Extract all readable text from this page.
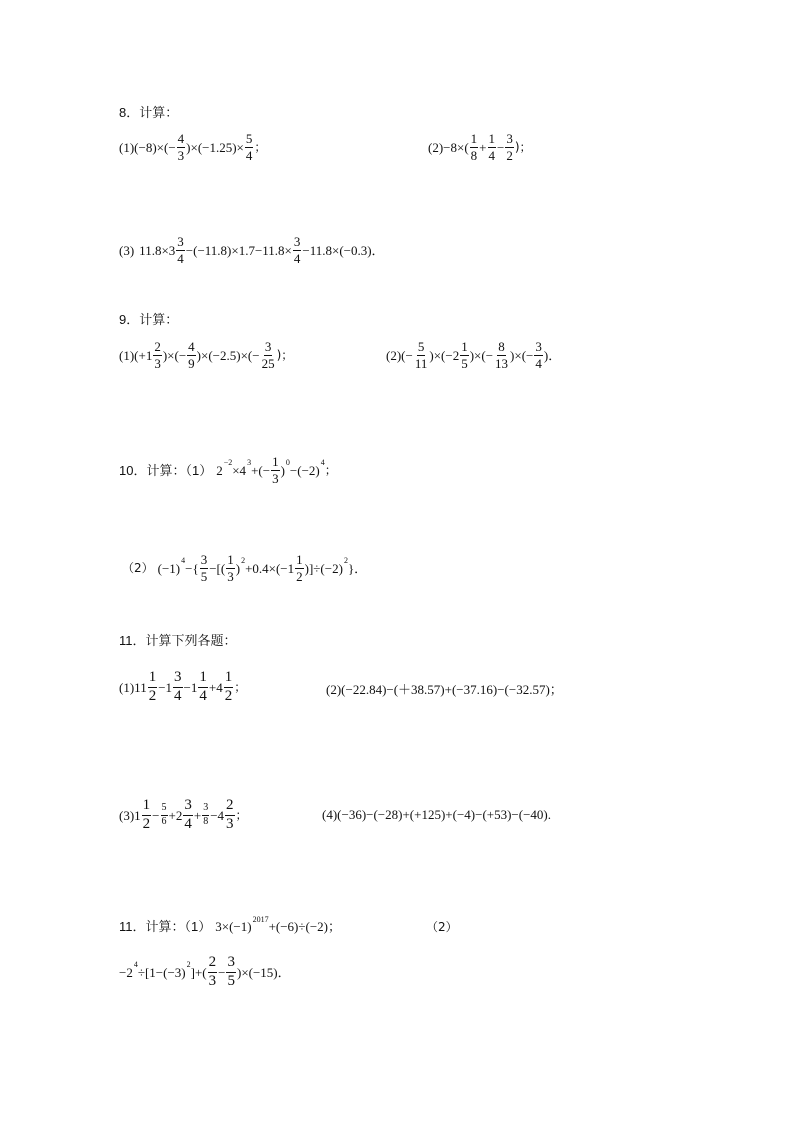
8．计算：
(1) $(-8)\times(- \frac{4}{3} )\times(-1.25)\times \frac{5}{4}$ ；	(2) −8×(
1
8
+ $\frac{1}{4} - \frac{3}{2}$ )；
(3) 11.8×3
3
4
$-(-11.8)\times 1.7-11.8\times \frac{3}{4} -11.8\times(-0.3)$．
9．计算：
(1) (+1
2
3
)×(− $\frac{4}{9} )\times(-2.5)\times(- \frac{3}{25}$ )；	(2) (− $\frac{5}{11} )\times(-2$
1
5
)×(− $\frac{8}{13}$ )×(− $\frac{3}{4}$ )．
10．计算：（1） $2^{-2} \times 4^3$ +(− $\frac{1}{3} )^0 -(-2)^4$
；
（2） $(-1)^4$ −{
3
5
−[(
1
3
)$^2$ +0.4×(−1
1
2
)]$\div(-2)^2$ }．
11．计算下列各题：
(1) 11
1
2
−1
3
4
−1
1
4
+4
1
2
；	(2)(−22.84)−(＋38.57)+(−37.16)−(−32.57)；
(3) 1
1
2
− $\frac{5}{6} +2$
3
4
+ $\frac{3}{8} -4$
2
3
；	(4)(−36)−(−28)+(+125)+(−4)−(+53)−(−40).
11．计算：（1） $3\times(-1)^{2017} +(-6)\div(-2)$；	（2）
$-2^4 \div[1-(-3)^2$ ]+(
2
3
− $\frac{3}{5} )\times(-15)$．
